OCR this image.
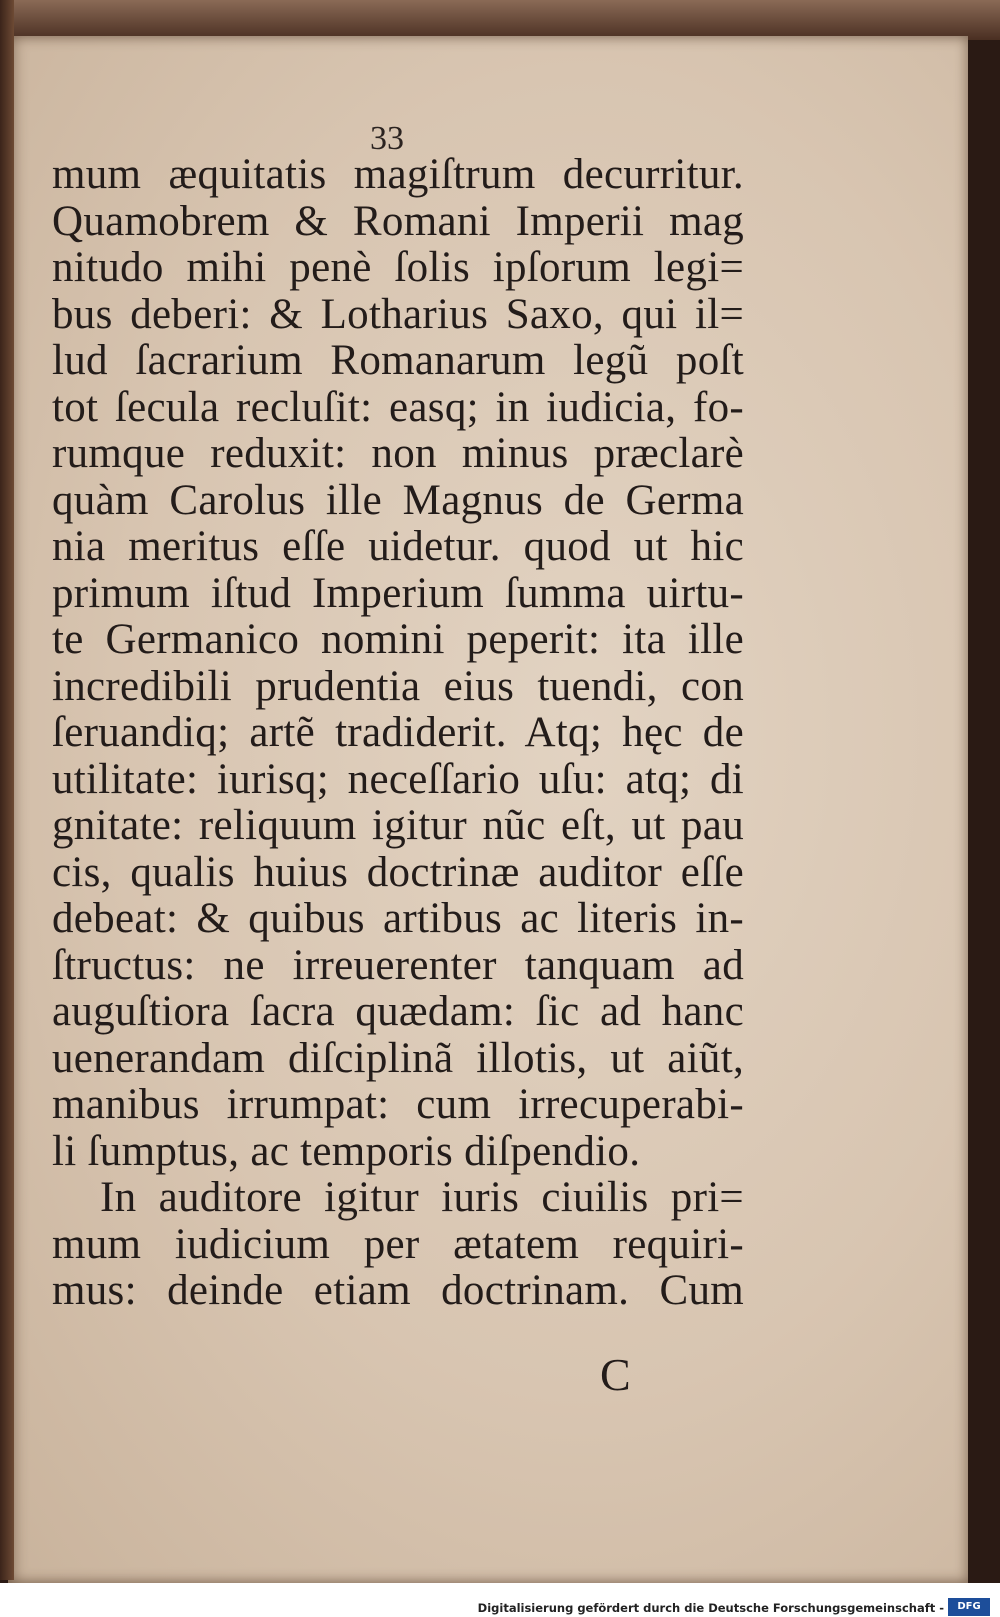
33
mum æquitatis magiſtrum decurritur.
Quamobrem & Romani Imperii mag
nitudo mihi penè ſolis ipſorum legi=
bus deberi: & Lotharius Saxo, qui il=
lud ſacrarium Romanarum legũ poſt
tot ſecula recluſit: easq; in iudicia, fo-
rumque reduxit: non minus præclarè
quàm Carolus ille Magnus de Germa
nia meritus eſſe uidetur. quod ut hic
primum iſtud Imperium ſumma uirtu-
te Germanico nomini peperit: ita ille
incredibili prudentia eius tuendi, con
ſeruandiq; artẽ tradiderit. Atq; hęc de
utilitate: iurisq; neceſſario uſu: atq; di
gnitate: reliquum igitur nũc eſt, ut pau
cis, qualis huius doctrinæ auditor eſſe
debeat: & quibus artibus ac literis in-
ſtructus: ne irreuerenter tanquam ad
auguſtiora ſacra quædam: ſic ad hanc
uenerandam diſciplinã illotis, ut aiũt,
manibus irrumpat: cum irrecuperabi-
li ſumptus, ac temporis diſpendio.
In auditore igitur iuris ciuilis pri=
mum iudicium per ætatem requiri-
mus: deinde etiam doctrinam. Cum
C
Digitalisierung gefördert durch die Deutsche Forschungsgemeinschaft -	DFG
